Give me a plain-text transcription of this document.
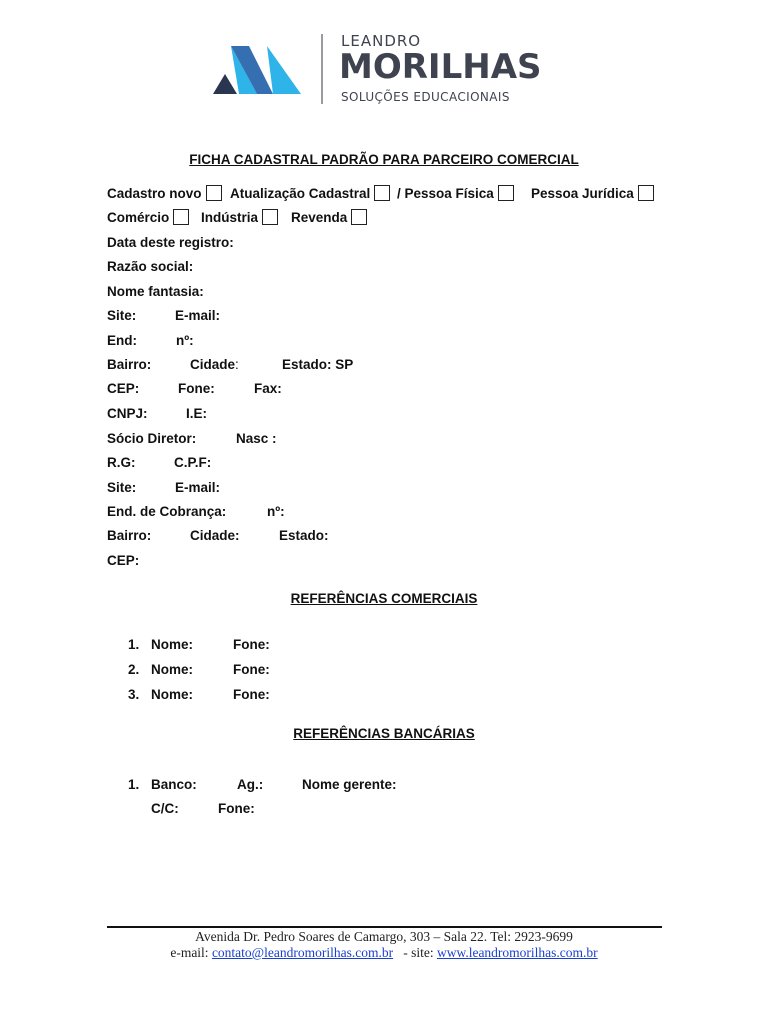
LEANDRO
MORILHAS
SOLUÇÕES EDUCACIONAIS
FICHA CADASTRAL PADRÃO PARA PARCEIRO COMERCIAL
Cadastro novo	Atualização Cadastral	/ Pessoa Física	Pessoa Jurídica
Comércio	Indústria	Revenda
Data deste registro:
Razão social:
Nome fantasia:
Site:	E-mail:
End:	nº:
Bairro:	Cidade:	Estado: SP
CEP:	Fone:	Fax:
CNPJ:	I.E:
Sócio Diretor:	Nasc :
R.G:	C.P.F:
Site:	E-mail:
End. de Cobrança:	nº:
Bairro:	Cidade:	Estado:
CEP:
REFERÊNCIAS COMERCIAIS
1. Nome:	Fone:
2. Nome:	Fone:
3. Nome:	Fone:
REFERÊNCIAS BANCÁRIAS
1. Banco:	Ag.:	Nome gerente:
C/C:	Fone:
Avenida Dr. Pedro Soares de Camargo, 303 – Sala 22. Tel: 2923-9699
e-mail: contato@leandromorilhas.com.br   - site: www.leandromorilhas.com.br
